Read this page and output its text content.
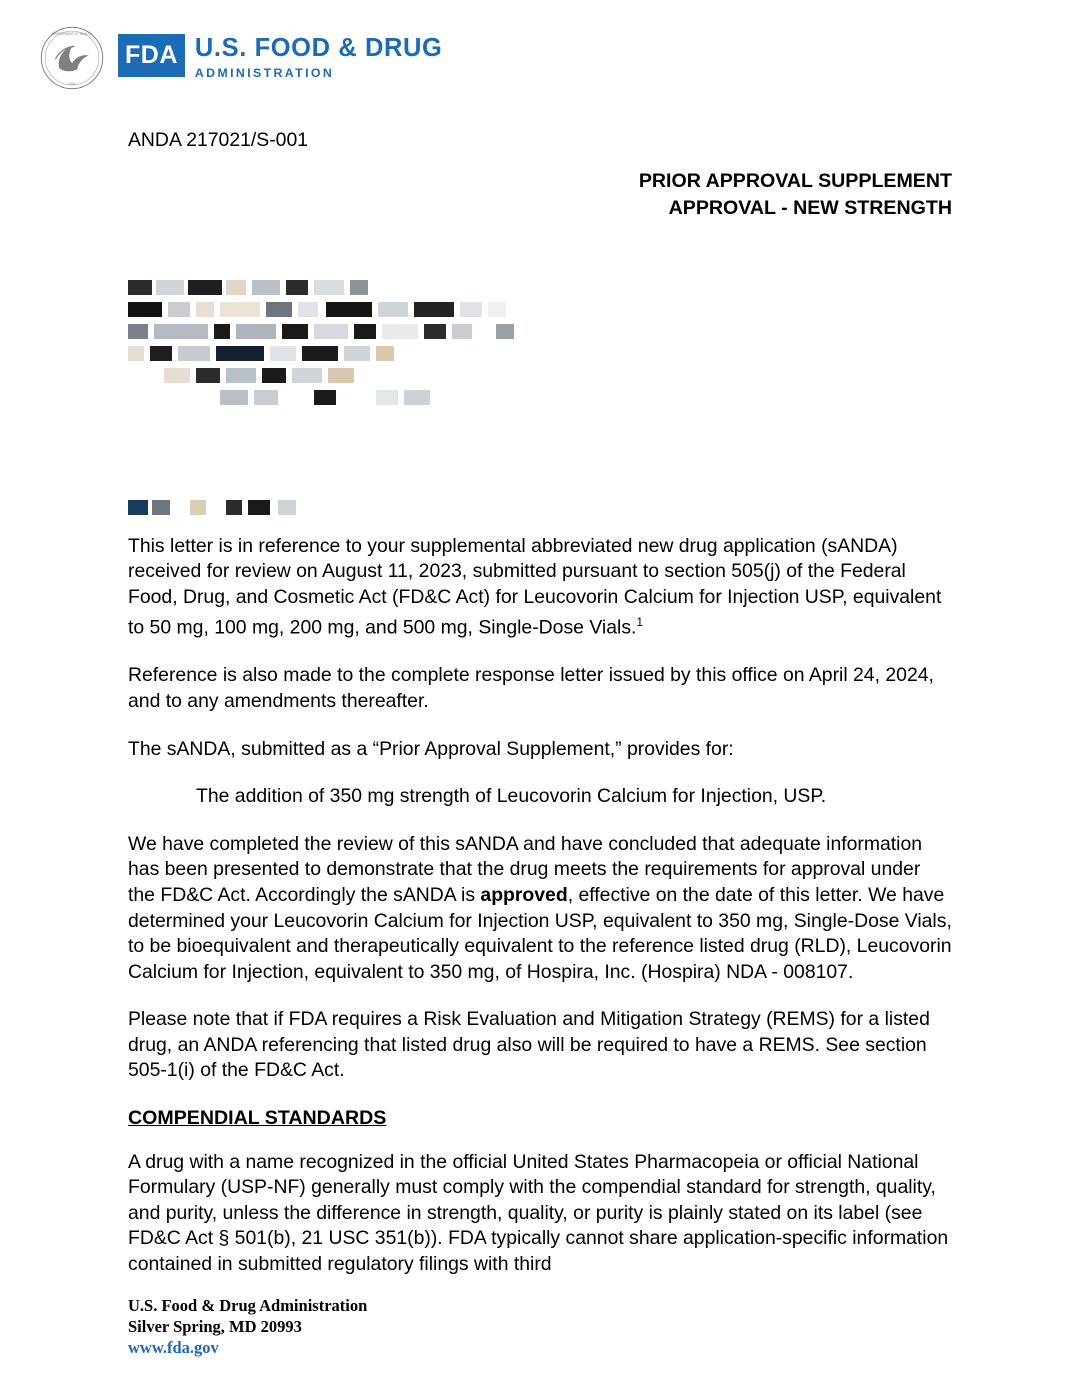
DEPARTMENT OF HEALTH
USA
FDA U.S. FOOD & DRUG
ADMINISTRATION
ANDA 217021/S-001
PRIOR APPROVAL SUPPLEMENT
APPROVAL - NEW STRENGTH

This letter is in reference to your supplemental abbreviated new drug application (sANDA) received for review on August 11, 2023, submitted pursuant to section 505(j) of the Federal Food, Drug, and Cosmetic Act (FD&C Act) for Leucovorin Calcium for Injection USP, equivalent to 50 mg, 100 mg, 200 mg, and 500 mg, Single-Dose Vials.$^1$

Reference is also made to the complete response letter issued by this office on April 24, 2024, and to any amendments thereafter.

The sANDA, submitted as a “Prior Approval Supplement,” provides for:

The addition of 350 mg strength of Leucovorin Calcium for Injection, USP.

We have completed the review of this sANDA and have concluded that adequate information has been presented to demonstrate that the drug meets the requirements for approval under the FD&C Act. Accordingly the sANDA is approved, effective on the date of this letter. We have determined your Leucovorin Calcium for Injection USP, equivalent to 350 mg, Single-Dose Vials, to be bioequivalent and therapeutically equivalent to the reference listed drug (RLD), Leucovorin Calcium for Injection, equivalent to 350 mg, of Hospira, Inc. (Hospira) NDA - 008107.

Please note that if FDA requires a Risk Evaluation and Mitigation Strategy (REMS) for a listed drug, an ANDA referencing that listed drug also will be required to have a REMS. See section 505-1(i) of the FD&C Act.

COMPENDIAL STANDARDS

A drug with a name recognized in the official United States Pharmacopeia or official National Formulary (USP-NF) generally must comply with the compendial standard for strength, quality, and purity, unless the difference in strength, quality, or purity is plainly stated on its label (see FD&C Act § 501(b), 21 USC 351(b)). FDA typically cannot share application-specific information contained in submitted regulatory filings with third

U.S. Food & Drug Administration
Silver Spring, MD 20993
www.fda.gov
